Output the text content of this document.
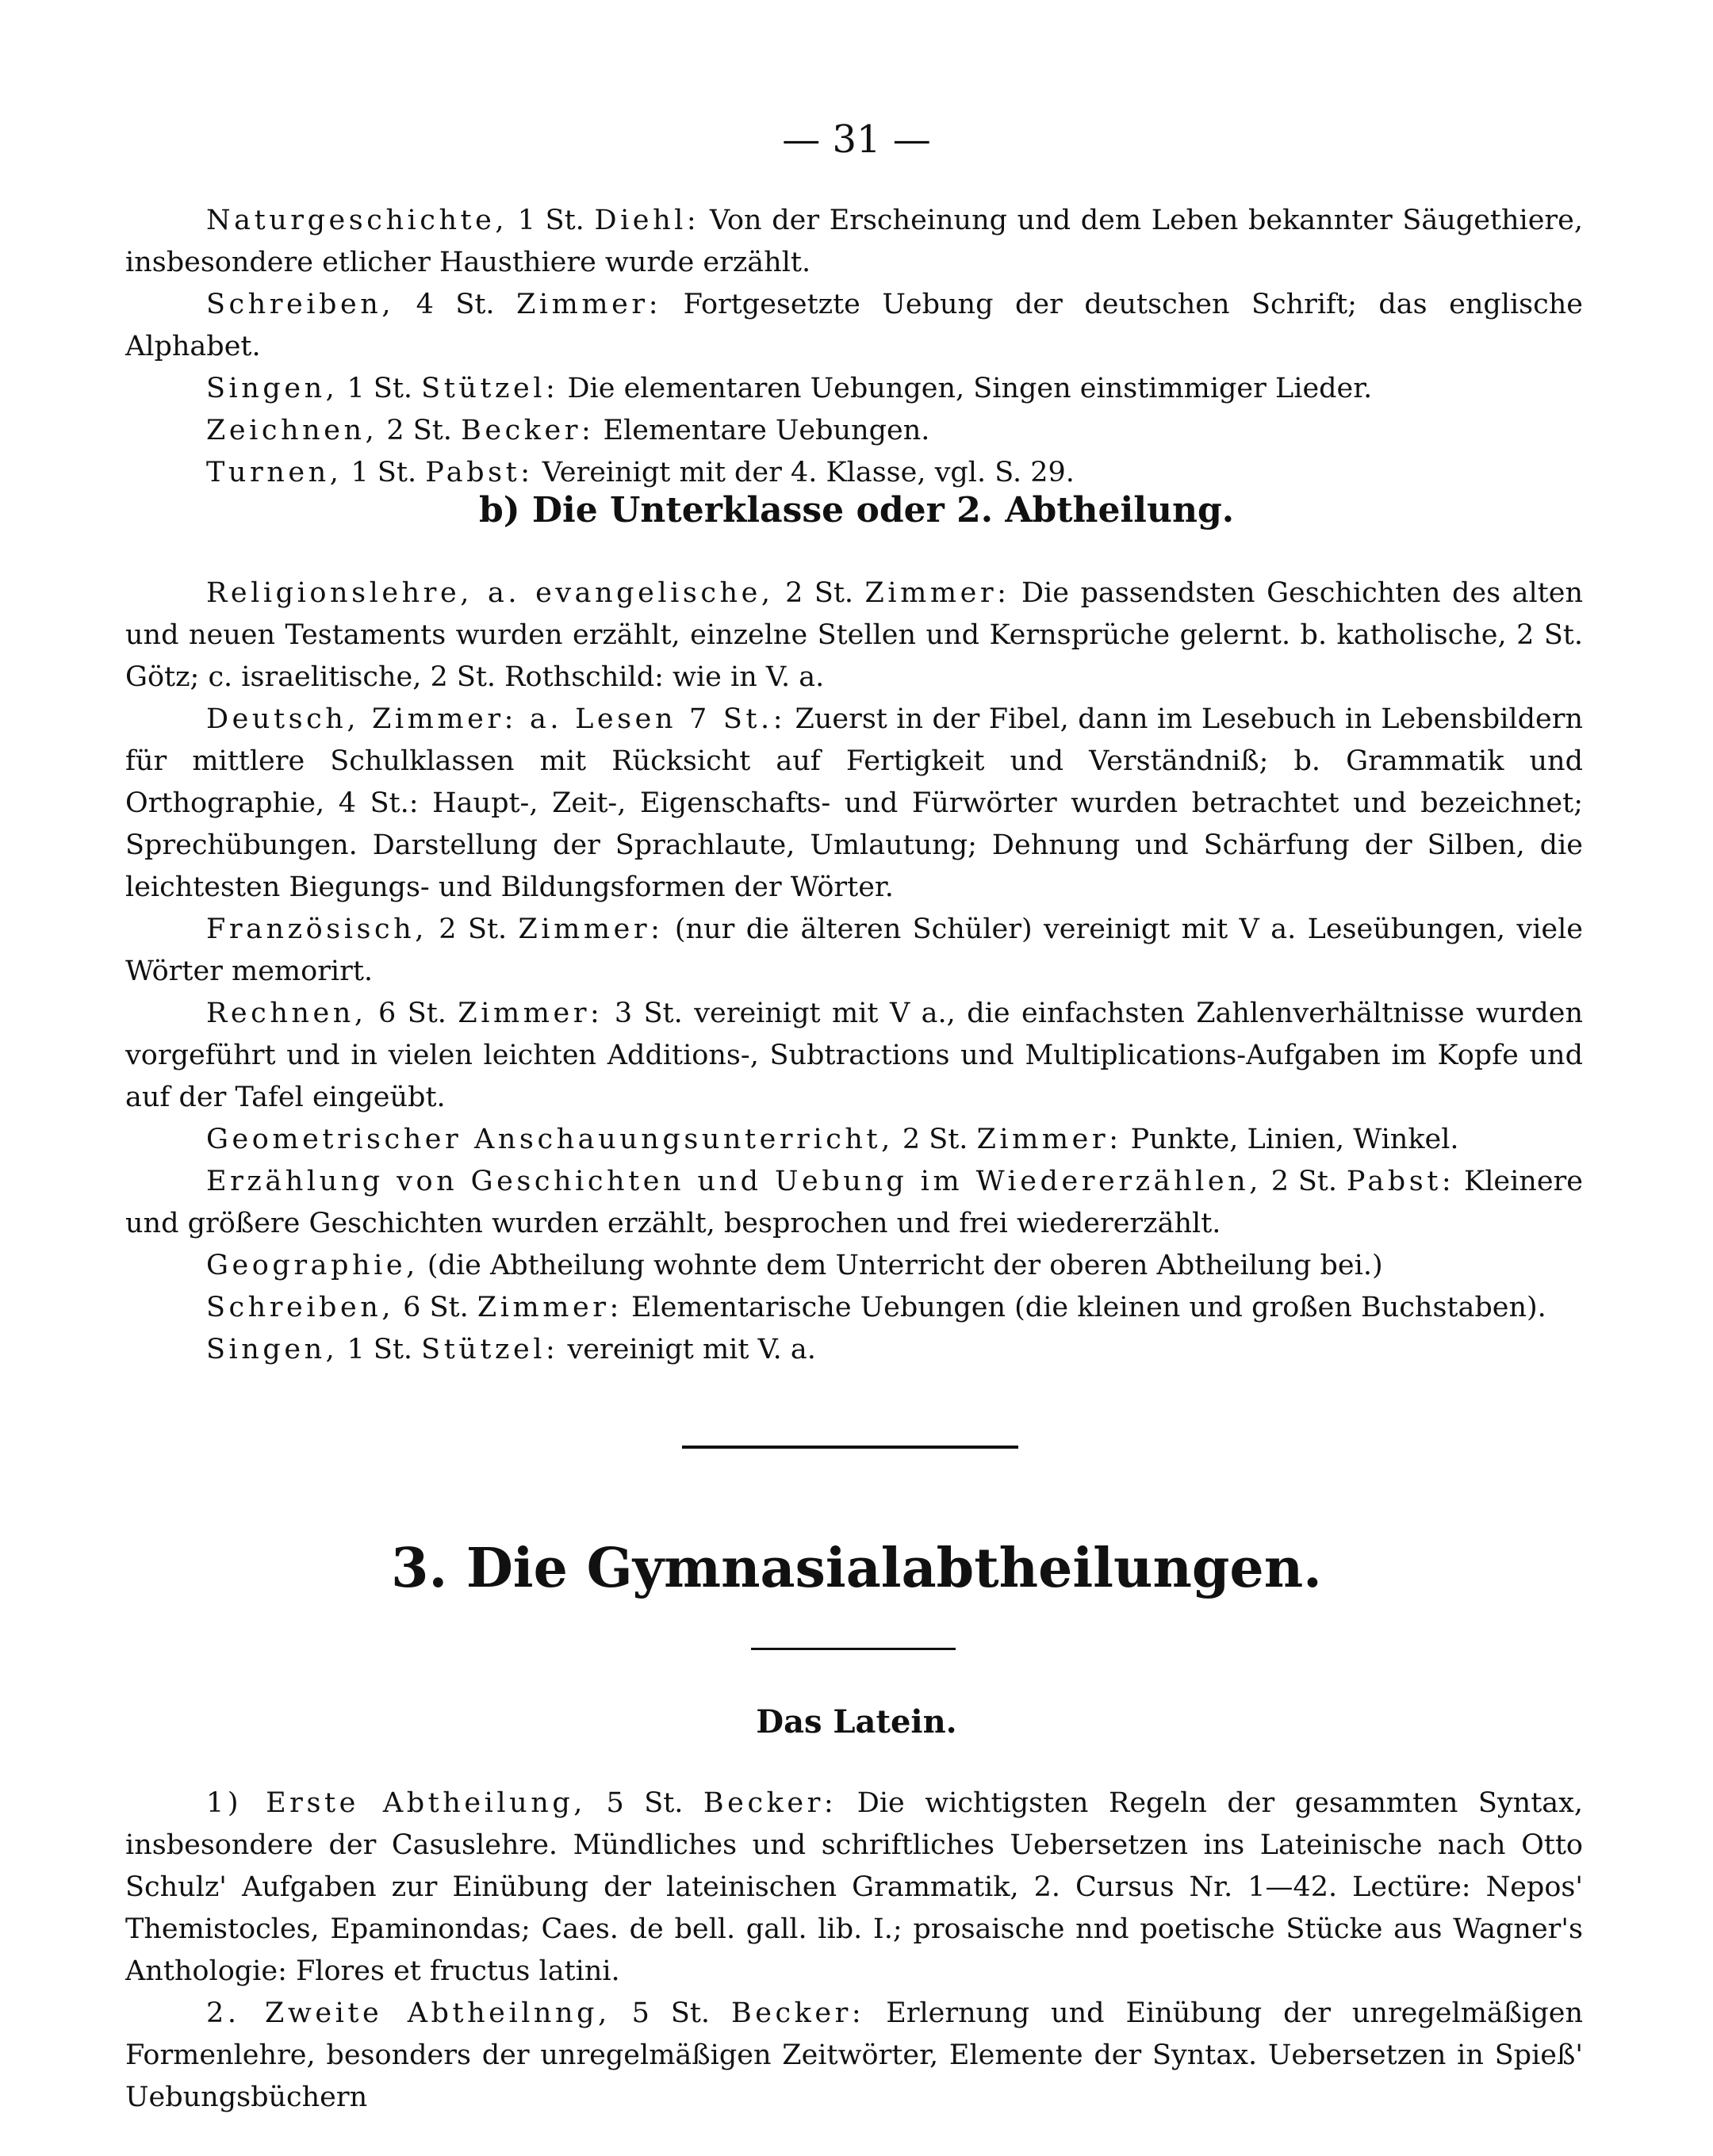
— 31 —

Naturgeschichte, 1 St. Diehl: Von der Erscheinung und dem Leben bekannter Säugethiere, insbesondere etlicher Hausthiere wurde erzählt.

Schreiben, 4 St. Zimmer: Fortgesetzte Uebung der deutschen Schrift; das englische Alphabet.

Singen, 1 St. Stützel: Die elementaren Uebungen, Singen einstimmiger Lieder.

Zeichnen, 2 St. Becker: Elementare Uebungen.

Turnen, 1 St. Pabst: Vereinigt mit der 4. Klasse, vgl. S. 29.

b) Die Unterklasse oder 2. Abtheilung.

Religionslehre, a. evangelische, 2 St. Zimmer: Die passendsten Geschichten des alten und neuen Testaments wurden erzählt, einzelne Stellen und Kernsprüche gelernt. b. katholische, 2 St. Götz; c. israelitische, 2 St. Rothschild: wie in V. a.

Deutsch, Zimmer: a. Lesen 7 St.: Zuerst in der Fibel, dann im Lesebuch in Lebensbildern für mittlere Schulklassen mit Rücksicht auf Fertigkeit und Verständniß; b. Grammatik und Orthographie, 4 St.: Haupt-, Zeit-, Eigenschafts- und Fürwörter wurden betrachtet und bezeichnet; Sprechübungen. Darstellung der Sprachlaute, Umlautung; Dehnung und Schärfung der Silben, die leichtesten Biegungs- und Bildungsformen der Wörter.

Französisch, 2 St. Zimmer: (nur die älteren Schüler) vereinigt mit V a. Leseübungen, viele Wörter memorirt.

Rechnen, 6 St. Zimmer: 3 St. vereinigt mit V a., die einfachsten Zahlenverhältnisse wurden vorgeführt und in vielen leichten Additions-, Subtractions und Multiplications-Aufgaben im Kopfe und auf der Tafel eingeübt.

Geometrischer Anschauungsunterricht, 2 St. Zimmer: Punkte, Linien, Winkel.

Erzählung von Geschichten und Uebung im Wiedererzählen, 2 St. Pabst: Kleinere und größere Geschichten wurden erzählt, besprochen und frei wiedererzählt.

Geographie, (die Abtheilung wohnte dem Unterricht der oberen Abtheilung bei.)

Schreiben, 6 St. Zimmer: Elementarische Uebungen (die kleinen und großen Buchstaben).

Singen, 1 St. Stützel: vereinigt mit V. a.

3. Die Gymnasialabtheilungen.
Das Latein.

1) Erste Abtheilung, 5 St. Becker: Die wichtigsten Regeln der gesammten Syntax, insbesondere der Casuslehre. Mündliches und schriftliches Uebersetzen ins Lateinische nach Otto Schulz' Aufgaben zur Einübung der lateinischen Grammatik, 2. Cursus Nr. 1—42. Lectüre: Nepos' Themistocles, Epaminondas; Caes. de bell. gall. lib. I.; prosaische nnd poetische Stücke aus Wagner's Anthologie: Flores et fructus latini.

2. Zweite Abtheilnng, 5 St. Becker: Erlernung und Einübung der unregelmäßigen Formenlehre, besonders der unregelmäßigen Zeitwörter, Elemente der Syntax. Uebersetzen in Spieß' Uebungsbüchern
